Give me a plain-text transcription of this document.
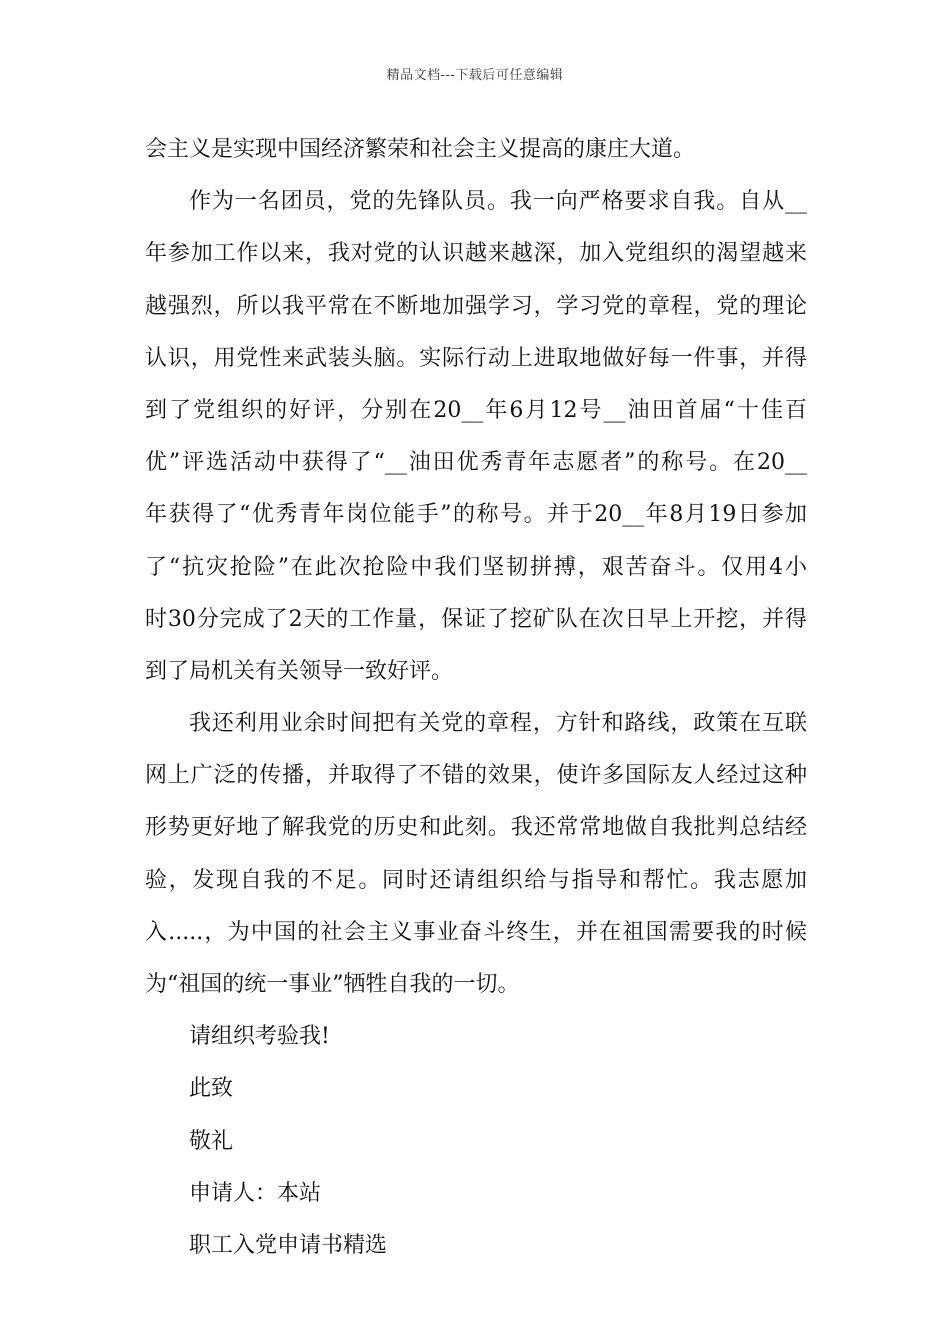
精品文档---下载后可任意编辑
会主义是实现中国经济繁荣和社会主义提高的康庄大道。
作为一名团员，党的先锋队员。我一向严格要求自我。自从__
年参加工作以来，我对党的认识越来越深，加入党组织的渴望越来
越强烈，所以我平常在不断地加强学习，学习党的章程，党的理论
认识，用党性来武装头脑。实际行动上进取地做好每一件事，并得
到了党组织的好评，分别在20__年6月12号__油田首届“十佳百
优”评选活动中获得了“__油田优秀青年志愿者”的称号。在20__
年获得了“优秀青年岗位能手”的称号。并于20__年8月19日参加
了“抗灾抢险”在此次抢险中我们坚韧拼搏，艰苦奋斗。仅用4小
时30分完成了2天的工作量，保证了挖矿队在次日早上开挖，并得
到了局机关有关领导一致好评。
我还利用业余时间把有关党的章程，方针和路线，政策在互联
网上广泛的传播，并取得了不错的效果，使许多国际友人经过这种
形势更好地了解我党的历史和此刻。我还常常地做自我批判总结经
验，发现自我的不足。同时还请组织给与指导和帮忙。我志愿加
入.....，为中国的社会主义事业奋斗终生，并在祖国需要我的时候
为“祖国的统一事业”牺牲自我的一切。
请组织考验我!
此致
敬礼
申请人：本站
职工入党申请书精选
